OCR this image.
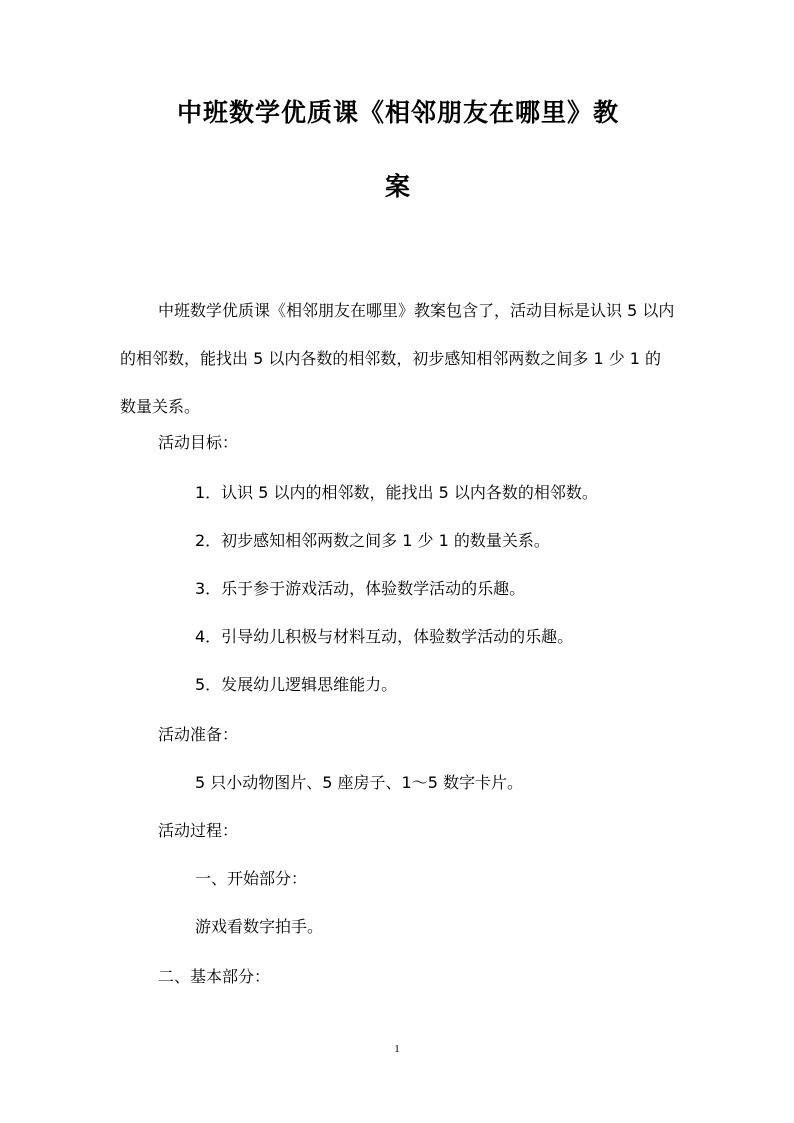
中班数学优质课《相邻朋友在哪里》教
案

中班数学优质课《相邻朋友在哪里》教案包含了，活动目标是认识 5 以内的相邻数，能找出 5 以内各数的相邻数，初步感知相邻两数之间多 1 少 1 的数量关系。

活动目标：
1．认识 5 以内的相邻数，能找出 5 以内各数的相邻数。
2．初步感知相邻两数之间多 1 少 1 的数量关系。
3．乐于参于游戏活动，体验数学活动的乐趣。
4．引导幼儿积极与材料互动，体验数学活动的乐趣。
5．发展幼儿逻辑思维能力。
活动准备：
5 只小动物图片、5 座房子、1～5 数字卡片。
活动过程：
一、开始部分：
游戏看数字拍手。
二、基本部分：
1
